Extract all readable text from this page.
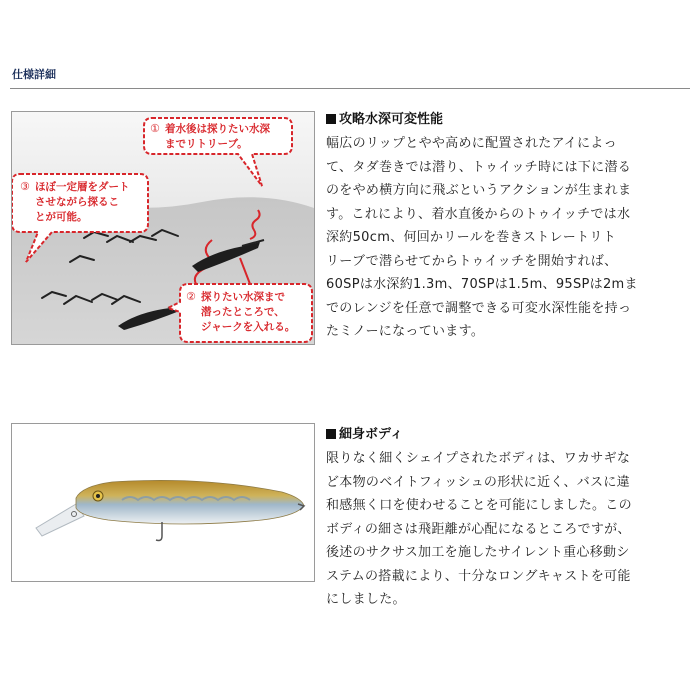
仕様詳細
① 着水後は探りたい水深
までリトリーブ。
③ ほぼ一定層をダート
させながら探るこ
とが可能。
② 探りたい水深まで
潜ったところで、
ジャークを入れる。
攻略水深可変性能

幅広のリップとやや高めに配置されたアイによっ
て、タダ巻きでは潜り、トゥイッチ時には下に潜る
のをやめ横方向に飛ぶというアクションが生まれま
す。これにより、着水直後からのトゥイッチでは水
深約50cm、何回かリールを巻きストレートリト
リーブで潜らせてからトゥイッチを開始すれば、
60SPは水深約1.3m、70SPは1.5m、95SPは2mま
でのレンジを任意で調整できる可変水深性能を持っ
たミノーになっています。

細身ボディ

限りなく細くシェイプされたボディは、ワカサギな
ど本物のベイトフィッシュの形状に近く、バスに違
和感無く口を使わせることを可能にしました。この
ボディの細さは飛距離が心配になるところですが、
後述のサクサス加工を施したサイレント重心移動シ
ステムの搭載により、十分なロングキャストを可能
にしました。
